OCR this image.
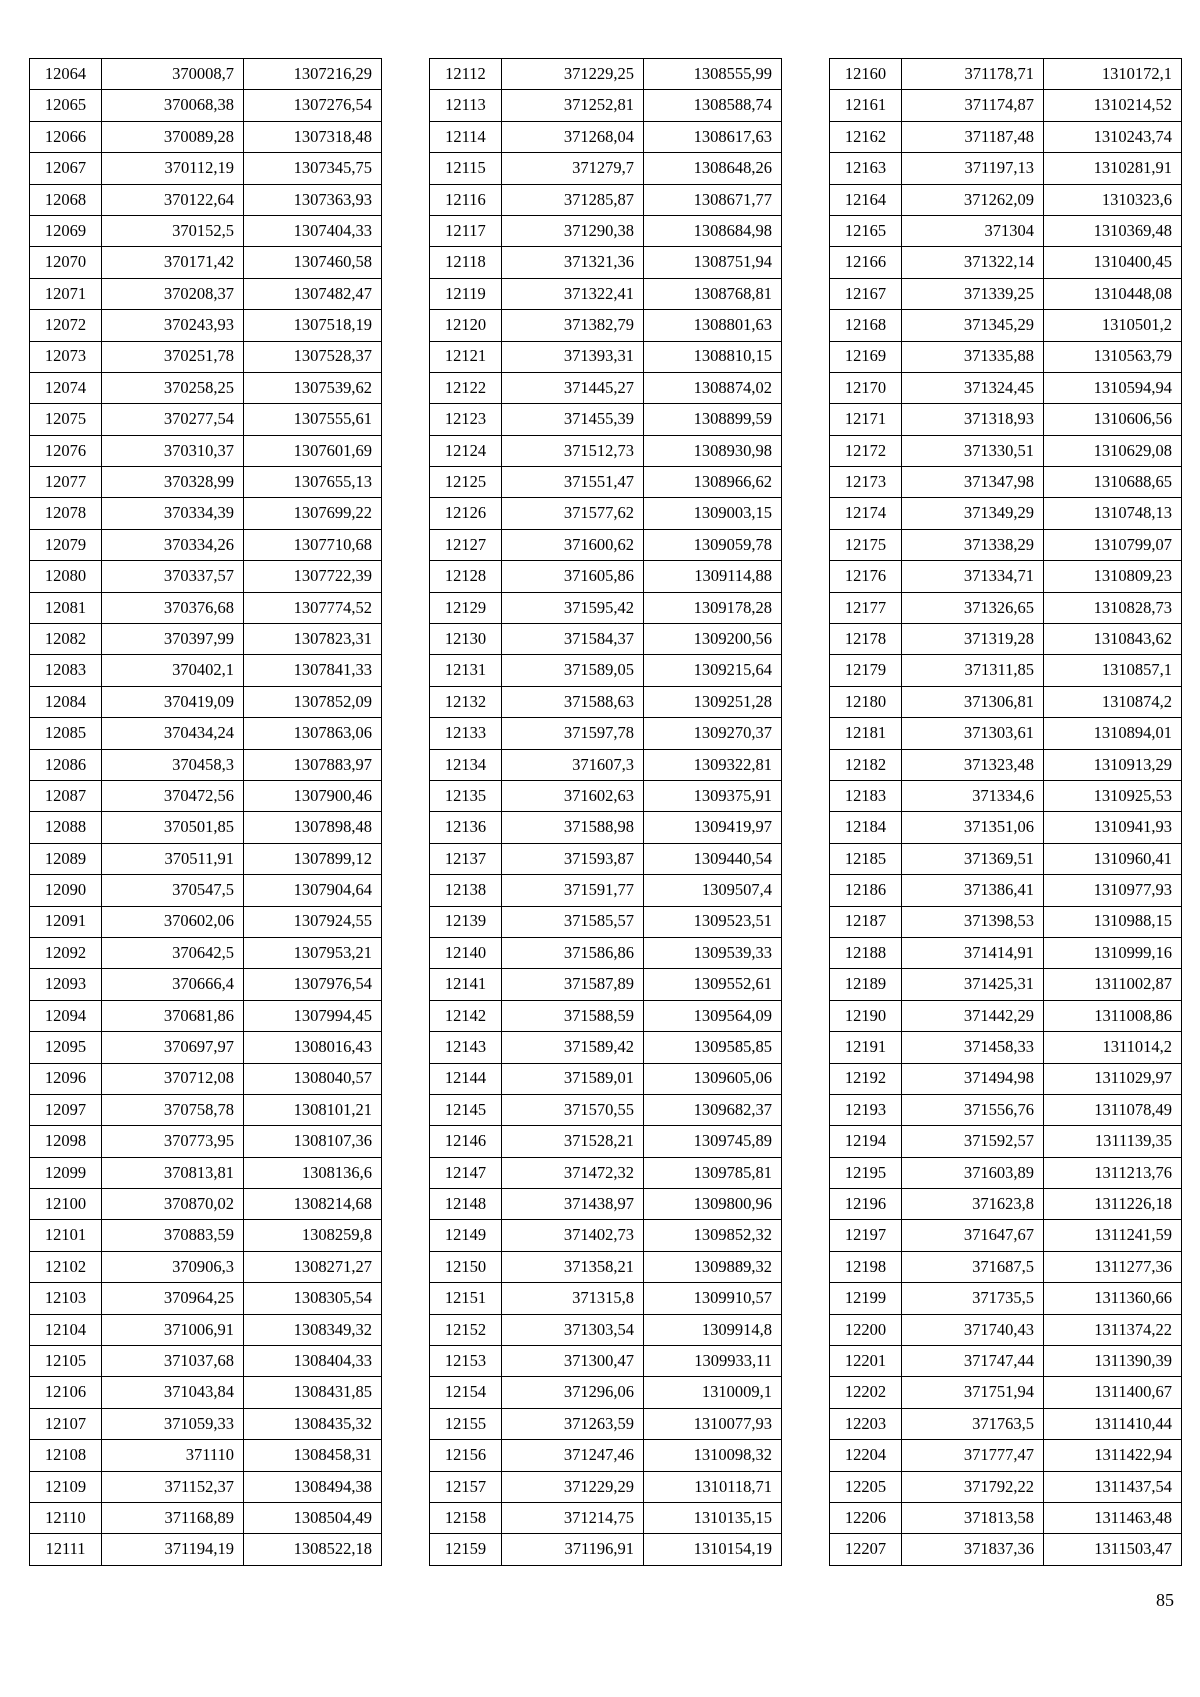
12064	370008,7	1307216,29
12065	370068,38	1307276,54
12066	370089,28	1307318,48
12067	370112,19	1307345,75
12068	370122,64	1307363,93
12069	370152,5	1307404,33
12070	370171,42	1307460,58
12071	370208,37	1307482,47
12072	370243,93	1307518,19
12073	370251,78	1307528,37
12074	370258,25	1307539,62
12075	370277,54	1307555,61
12076	370310,37	1307601,69
12077	370328,99	1307655,13
12078	370334,39	1307699,22
12079	370334,26	1307710,68
12080	370337,57	1307722,39
12081	370376,68	1307774,52
12082	370397,99	1307823,31
12083	370402,1	1307841,33
12084	370419,09	1307852,09
12085	370434,24	1307863,06
12086	370458,3	1307883,97
12087	370472,56	1307900,46
12088	370501,85	1307898,48
12089	370511,91	1307899,12
12090	370547,5	1307904,64
12091	370602,06	1307924,55
12092	370642,5	1307953,21
12093	370666,4	1307976,54
12094	370681,86	1307994,45
12095	370697,97	1308016,43
12096	370712,08	1308040,57
12097	370758,78	1308101,21
12098	370773,95	1308107,36
12099	370813,81	1308136,6
12100	370870,02	1308214,68
12101	370883,59	1308259,8
12102	370906,3	1308271,27
12103	370964,25	1308305,54
12104	371006,91	1308349,32
12105	371037,68	1308404,33
12106	371043,84	1308431,85
12107	371059,33	1308435,32
12108	371110	1308458,31
12109	371152,37	1308494,38
12110	371168,89	1308504,49
12111	371194,19	1308522,18
12112	371229,25	1308555,99
12113	371252,81	1308588,74
12114	371268,04	1308617,63
12115	371279,7	1308648,26
12116	371285,87	1308671,77
12117	371290,38	1308684,98
12118	371321,36	1308751,94
12119	371322,41	1308768,81
12120	371382,79	1308801,63
12121	371393,31	1308810,15
12122	371445,27	1308874,02
12123	371455,39	1308899,59
12124	371512,73	1308930,98
12125	371551,47	1308966,62
12126	371577,62	1309003,15
12127	371600,62	1309059,78
12128	371605,86	1309114,88
12129	371595,42	1309178,28
12130	371584,37	1309200,56
12131	371589,05	1309215,64
12132	371588,63	1309251,28
12133	371597,78	1309270,37
12134	371607,3	1309322,81
12135	371602,63	1309375,91
12136	371588,98	1309419,97
12137	371593,87	1309440,54
12138	371591,77	1309507,4
12139	371585,57	1309523,51
12140	371586,86	1309539,33
12141	371587,89	1309552,61
12142	371588,59	1309564,09
12143	371589,42	1309585,85
12144	371589,01	1309605,06
12145	371570,55	1309682,37
12146	371528,21	1309745,89
12147	371472,32	1309785,81
12148	371438,97	1309800,96
12149	371402,73	1309852,32
12150	371358,21	1309889,32
12151	371315,8	1309910,57
12152	371303,54	1309914,8
12153	371300,47	1309933,11
12154	371296,06	1310009,1
12155	371263,59	1310077,93
12156	371247,46	1310098,32
12157	371229,29	1310118,71
12158	371214,75	1310135,15
12159	371196,91	1310154,19
12160	371178,71	1310172,1
12161	371174,87	1310214,52
12162	371187,48	1310243,74
12163	371197,13	1310281,91
12164	371262,09	1310323,6
12165	371304	1310369,48
12166	371322,14	1310400,45
12167	371339,25	1310448,08
12168	371345,29	1310501,2
12169	371335,88	1310563,79
12170	371324,45	1310594,94
12171	371318,93	1310606,56
12172	371330,51	1310629,08
12173	371347,98	1310688,65
12174	371349,29	1310748,13
12175	371338,29	1310799,07
12176	371334,71	1310809,23
12177	371326,65	1310828,73
12178	371319,28	1310843,62
12179	371311,85	1310857,1
12180	371306,81	1310874,2
12181	371303,61	1310894,01
12182	371323,48	1310913,29
12183	371334,6	1310925,53
12184	371351,06	1310941,93
12185	371369,51	1310960,41
12186	371386,41	1310977,93
12187	371398,53	1310988,15
12188	371414,91	1310999,16
12189	371425,31	1311002,87
12190	371442,29	1311008,86
12191	371458,33	1311014,2
12192	371494,98	1311029,97
12193	371556,76	1311078,49
12194	371592,57	1311139,35
12195	371603,89	1311213,76
12196	371623,8	1311226,18
12197	371647,67	1311241,59
12198	371687,5	1311277,36
12199	371735,5	1311360,66
12200	371740,43	1311374,22
12201	371747,44	1311390,39
12202	371751,94	1311400,67
12203	371763,5	1311410,44
12204	371777,47	1311422,94
12205	371792,22	1311437,54
12206	371813,58	1311463,48
12207	371837,36	1311503,47
85
